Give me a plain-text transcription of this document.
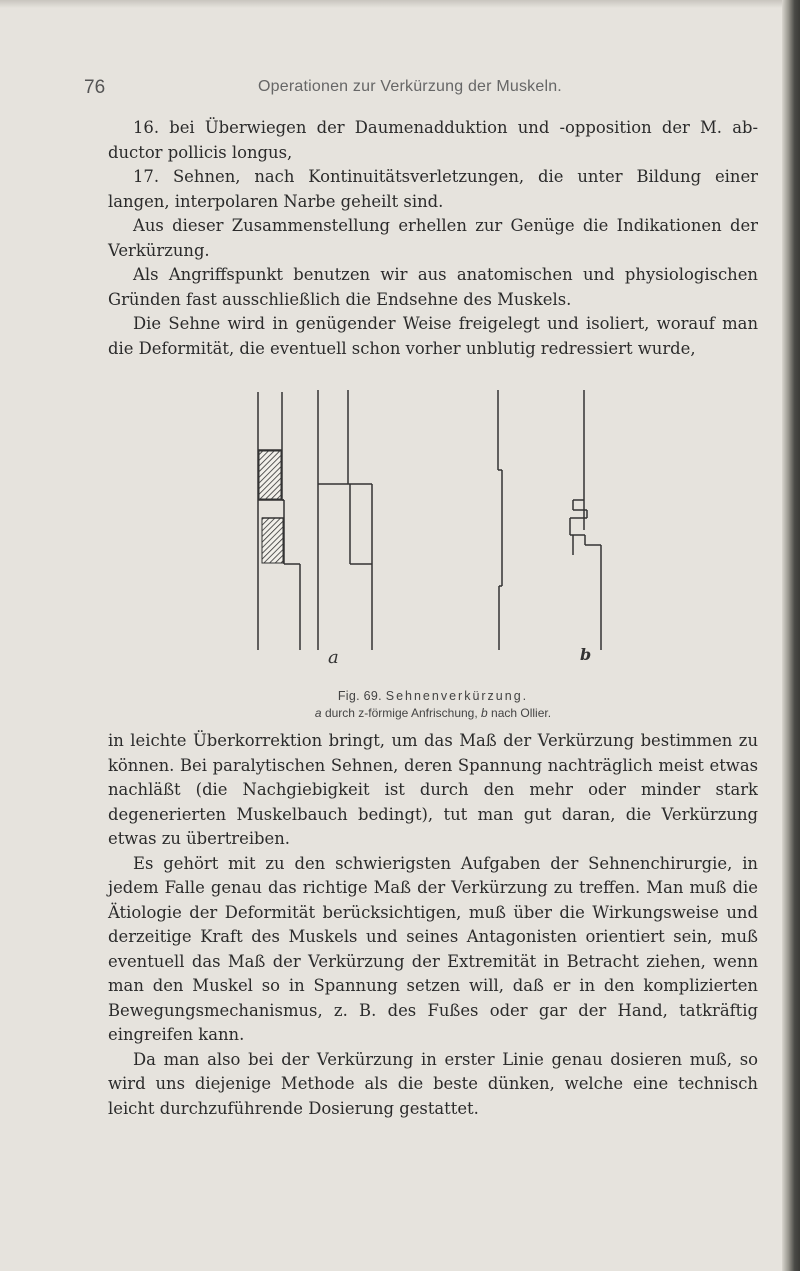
76	Operationen zur Verkürzung der Muskeln.

16. bei Überwiegen der Daumenadduktion und -opposition der M. ab-ductor pollicis longus,

17. Sehnen, nach Kontinuitätsverletzungen, die unter Bildung einer langen, interpolaren Narbe geheilt sind.

Aus dieser Zusammenstellung erhellen zur Genüge die Indikationen der Verkürzung.

Als Angriffspunkt benutzen wir aus anatomischen und physiologischen Gründen fast ausschließlich die Endsehne des Muskels.

Die Sehne wird in genügender Weise freigelegt und isoliert, worauf man die Deformität, die eventuell schon vorher unblutig redressiert wurde,

a	b
Fig. 69. Sehnenverkürzung.
a durch z-förmige Anfrischung, b nach Ollier.

in leichte Überkorrektion bringt, um das Maß der Verkürzung bestimmen zu können. Bei paralytischen Sehnen, deren Spannung nachträglich meist etwas nachläßt (die Nachgiebigkeit ist durch den mehr oder minder stark degenerierten Muskelbauch bedingt), tut man gut daran, die Verkürzung etwas zu übertreiben.

Es gehört mit zu den schwierigsten Aufgaben der Sehnenchirurgie, in jedem Falle genau das richtige Maß der Verkürzung zu treffen. Man muß die Ätiologie der Deformität berücksichtigen, muß über die Wirkungsweise und derzeitige Kraft des Muskels und seines Antagonisten orientiert sein, muß eventuell das Maß der Verkürzung der Extremität in Betracht ziehen, wenn man den Muskel so in Spannung setzen will, daß er in den komplizierten Bewegungsmechanismus, z. B. des Fußes oder gar der Hand, tatkräftig eingreifen kann.

Da man also bei der Verkürzung in erster Linie genau dosieren muß, so wird uns diejenige Methode als die beste dünken, welche eine technisch leicht durchzuführende Dosierung gestattet.
